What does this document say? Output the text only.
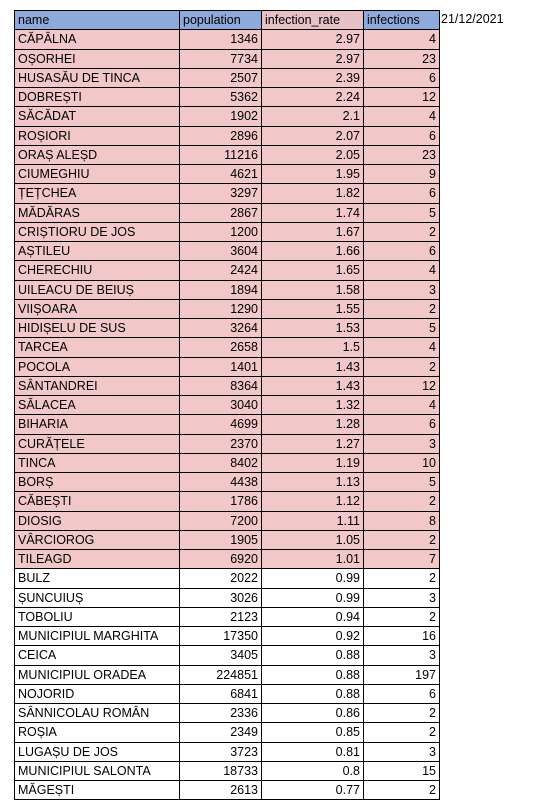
name	population	infection_rate	infections
CĂPÂLNA	1346	2.97	4
OȘORHEI	7734	2.97	23
HUSASĂU DE TINCA	2507	2.39	6
DOBREȘTI	5362	2.24	12
SĂCĂDAT	1902	2.1	4
ROȘIORI	2896	2.07	6
ORAȘ ALEȘD	11216	2.05	23
CIUMEGHIU	4621	1.95	9
ȚEȚCHEA	3297	1.82	6
MĂDĂRAS	2867	1.74	5
CRIȘTIORU DE JOS	1200	1.67	2
AȘTILEU	3604	1.66	6
CHERECHIU	2424	1.65	4
UILEACU DE BEIUȘ	1894	1.58	3
VIIȘOARA	1290	1.55	2
HIDIȘELU DE SUS	3264	1.53	5
TARCEA	2658	1.5	4
POCOLA	1401	1.43	2
SÂNTANDREI	8364	1.43	12
SĂLACEA	3040	1.32	4
BIHARIA	4699	1.28	6
CURĂȚELE	2370	1.27	3
TINCA	8402	1.19	10
BORȘ	4438	1.13	5
CĂBEȘTI	1786	1.12	2
DIOSIG	7200	1.11	8
VÂRCIOROG	1905	1.05	2
TILEAGD	6920	1.01	7
BULZ	2022	0.99	2
ȘUNCUIUȘ	3026	0.99	3
TOBOLIU	2123	0.94	2
MUNICIPIUL MARGHITA	17350	0.92	16
CEICA	3405	0.88	3
MUNICIPIUL ORADEA	224851	0.88	197
NOJORID	6841	0.88	6
SÂNNICOLAU ROMÂN	2336	0.86	2
ROȘIA	2349	0.85	2
LUGAȘU DE JOS	3723	0.81	3
MUNICIPIUL SALONTA	18733	0.8	15
MĂGEȘTI	2613	0.77	2
21/12/2021
